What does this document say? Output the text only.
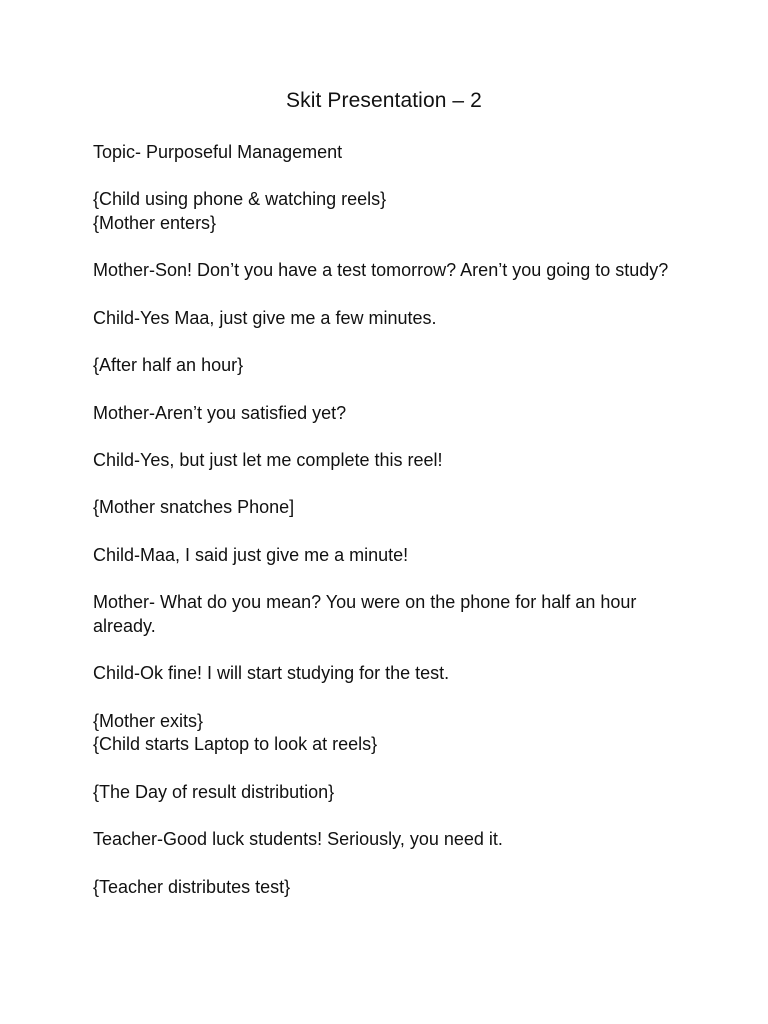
Skit Presentation – 2

Topic- Purposeful Management

{Child using phone & watching reels}
{Mother enters}

Mother-Son! Don’t you have a test tomorrow? Aren’t you going to study?

Child-Yes Maa, just give me a few minutes.

{After half an hour}

Mother-Aren’t you satisfied yet?

Child-Yes, but just let me complete this reel!

{Mother snatches Phone]

Child-Maa, I said just give me a minute!

Mother- What do you mean? You were on the phone for half an hour already.

Child-Ok fine! I will start studying for the test.

{Mother exits}
{Child starts Laptop to look at reels}

{The Day of result distribution}

Teacher-Good luck students! Seriously, you need it.

{Teacher distributes test}
